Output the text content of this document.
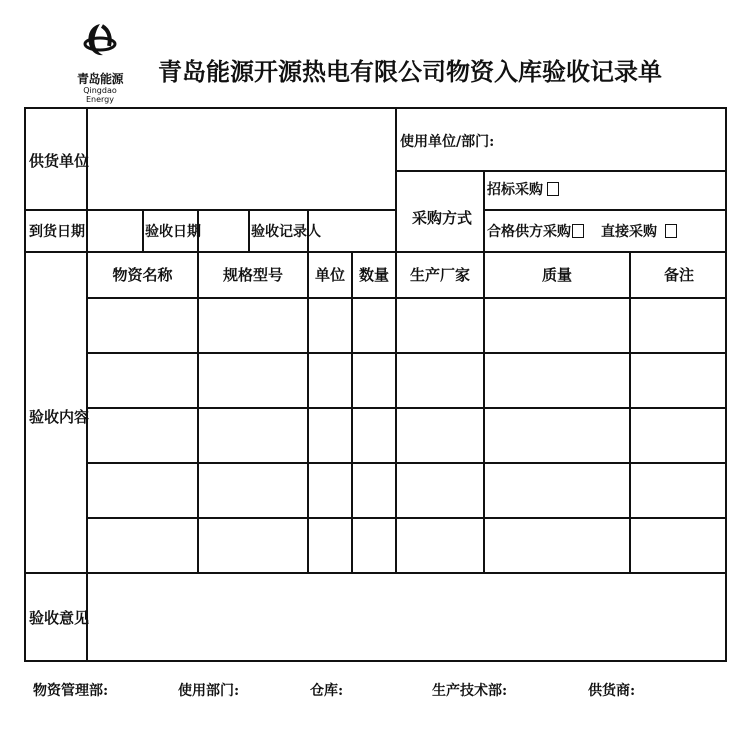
青岛能源
Qingdao Energy
青岛能源开源热电有限公司物资入库验收记录单
供货单位
使用单位/部门:
采购方式
招标采购
合格供方采购	直接采购
到货日期	验收日期	验收记录人
物资名称	规格型号	单位 数量	生产厂家	质量	备注
验收内容
验收意见
物资管理部:	使用部门:	仓库:	生产技术部:	供货商:
